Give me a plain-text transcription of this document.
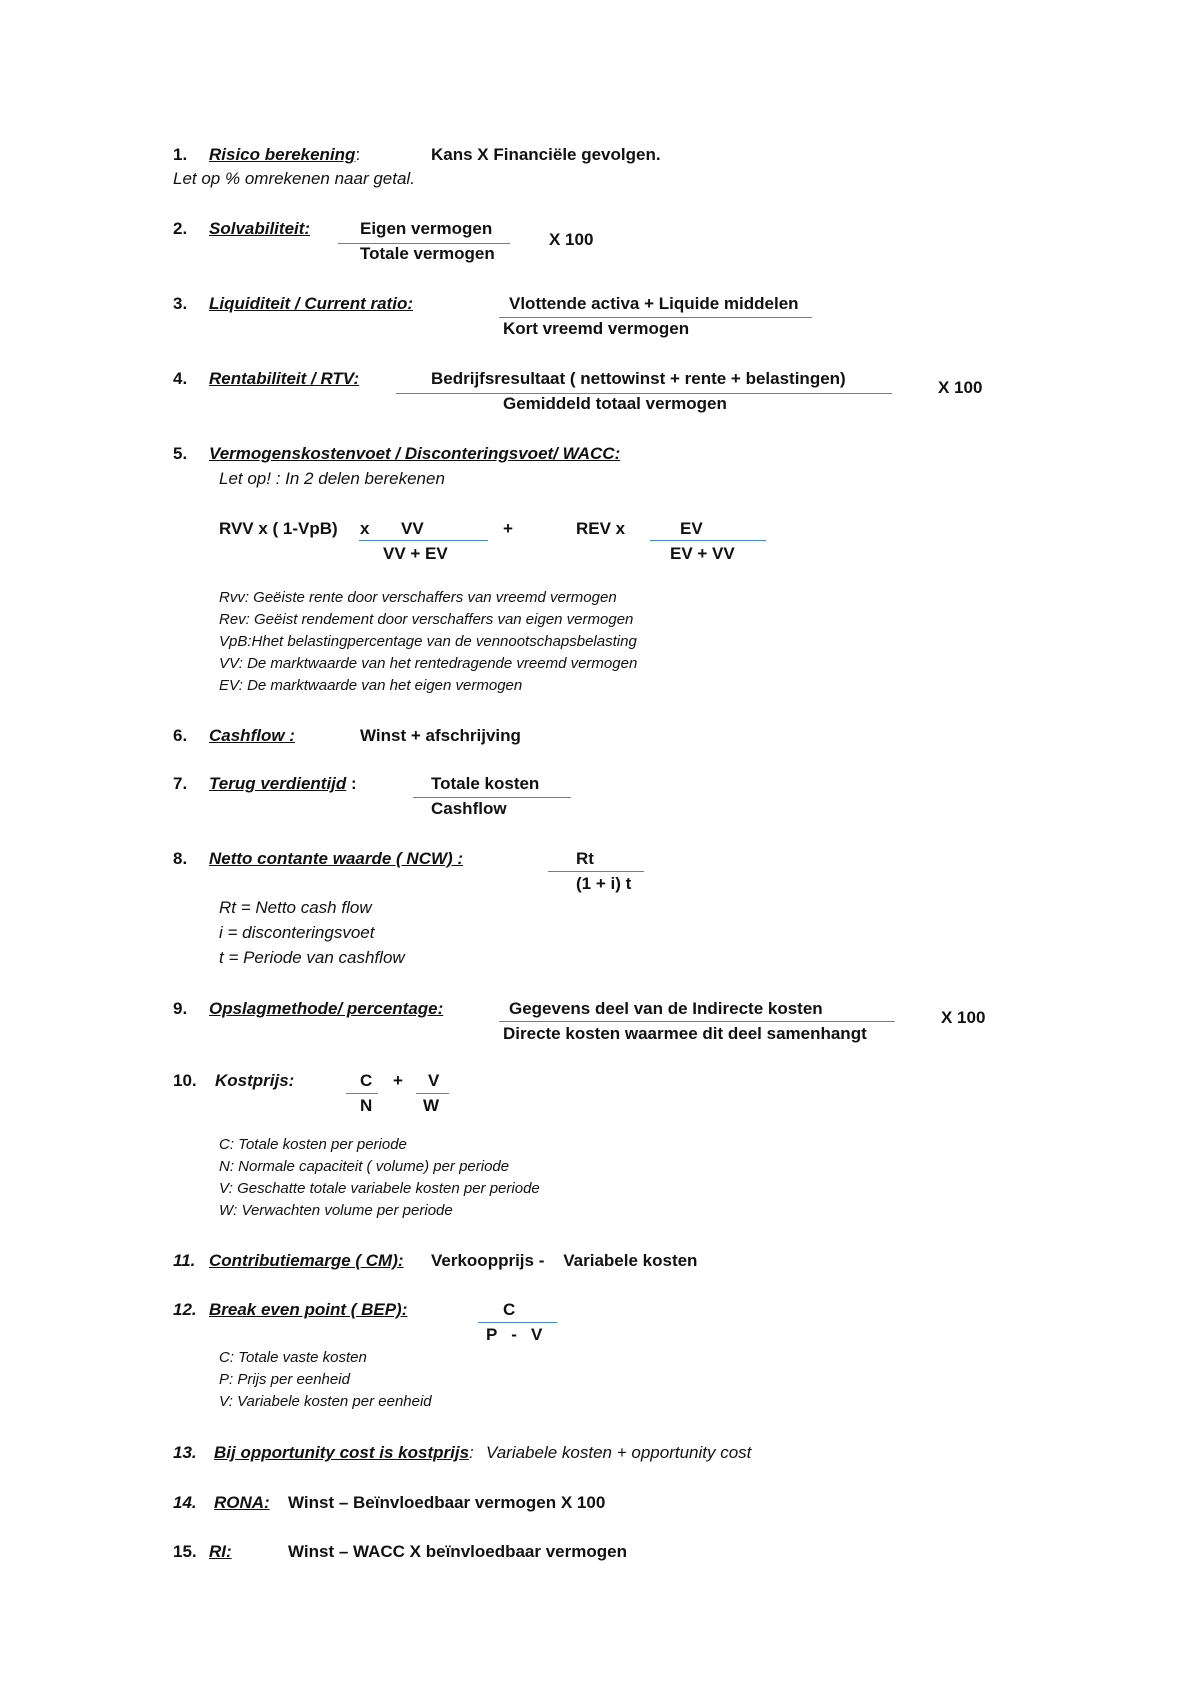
1. Risico berekening:	Kans X Financiële gevolgen.
Let op % omrekenen naar getal.
2. Solvabiliteit:	Eigen vermogen
Totale vermogen
X 100
3. Liquiditeit / Current ratio:	Vlottende activa + Liquide middelen
Kort vreemd vermogen
4. Rentabiliteit / RTV:	Bedrijfsresultaat ( nettowinst + rente + belastingen)
Gemiddeld totaal vermogen
X 100
5. Vermogenskostenvoet / Disconteringsvoet/ WACC:
Let op! : In 2 delen berekenen
RVV x ( 1-VpB) x VV
VV + EV
+	REV x	EV
EV + VV
Rvv: Geëiste rente door verschaffers van vreemd vermogen
Rev: Geëist rendement door verschaffers van eigen vermogen
VpB:Hhet belastingpercentage van de vennootschapsbelasting
VV: De marktwaarde van het rentedragende vreemd vermogen
EV: De marktwaarde van het eigen vermogen
6. Cashflow :	Winst + afschrijving
7. Terug verdientijd :	Totale kosten
Cashflow
8. Netto contante waarde ( NCW) :	Rt
(1 + i) t
Rt = Netto cash flow
i = disconteringsvoet
t = Periode van cashflow
9. Opslagmethode/ percentage:	Gegevens deel van de Indirecte kosten
Directe kosten waarmee dit deel samenhangt
X 100
10. Kostprijs:	C
N
+ V
W
C: Totale kosten per periode
N: Normale capaciteit ( volume) per periode
V: Geschatte totale variabele kosten per periode
W: Verwachten volume per periode
11. Contributiemarge ( CM): Verkoopprijs -    Variabele kosten
12. Break even point ( BEP):	C
P   -   V
C: Totale vaste kosten
P: Prijs per eenheid
V: Variabele kosten per eenheid
13. Bij opportunity cost is kostprijs: Variabele kosten + opportunity cost
14. RONA: Winst – Beïnvloedbaar vermogen X 100
15. RI:	Winst – WACC X beïnvloedbaar vermogen
